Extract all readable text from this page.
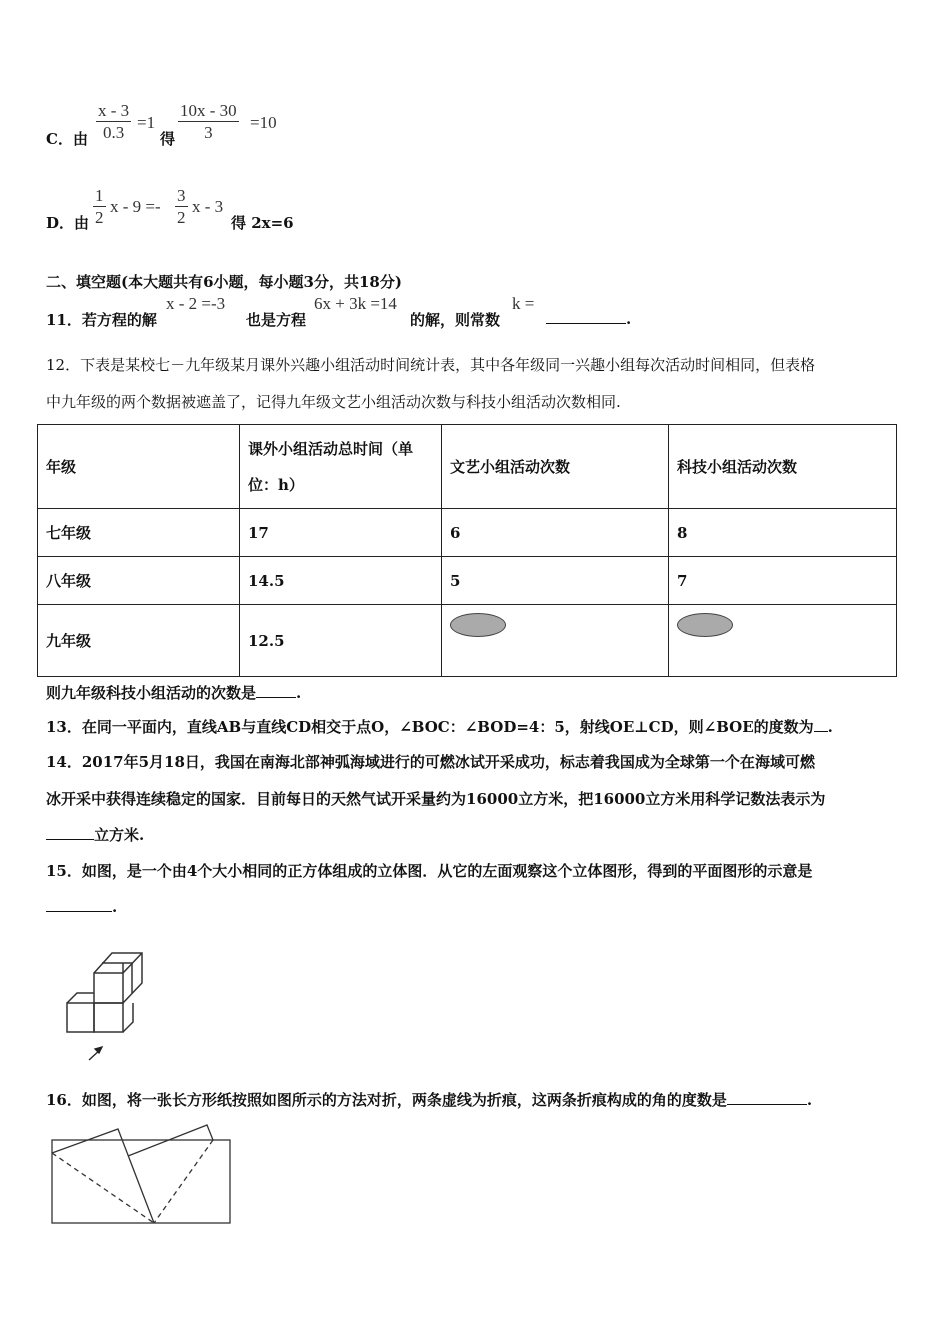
C．由 $\frac{x - 3}{0.3} =1$
得 $\frac{10x - 30}{3} =10$
D．由 $\frac{1}{2}$ $x - 9 =- \frac{3}{2}$ x - 3
得 2x=6
二、填空题(本大题共有6小题，每小题3分，共18分)
11．若方程的解
x - 2 =-3
也是方程
6x + 3k =14
的解，则常数
k =
.
12．下表是某校七－九年级某月课外兴趣小组活动时间统计表，其中各年级同一兴趣小组每次活动时间相同，但表格
中九年级的两个数据被遮盖了，记得九年级文艺小组活动次数与科技小组活动次数相同.
年级	课外小组活动总时间（单
位：h）	文艺小组活动次数	科技小组活动次数
七年级	17	6	8
八年级	14.5	5	7
九年级	12.5		
则九年级科技小组活动的次数是	.
13．在同一平面内，直线AB与直线CD相交于点O，∠BOC：∠BOD=4：5，射线OE⊥CD，则∠BOE的度数为 .
14．2017年5月18日，我国在南海北部神弧海域进行的可燃冰试开采成功，标志着我国成为全球第一个在海域可燃
冰开采中获得连续稳定的国家．目前每日的天然气试开采量约为16000立方米，把16000立方米用科学记数法表示为
立方米.
15．如图，是一个由4个大小相同的正方体组成的立体图．从它的左面观察这个立体图形，得到的平面图形的示意是
.
16．如图，将一张长方形纸按照如图所示的方法对折，两条虚线为折痕，这两条折痕构成的角的度数是	.
